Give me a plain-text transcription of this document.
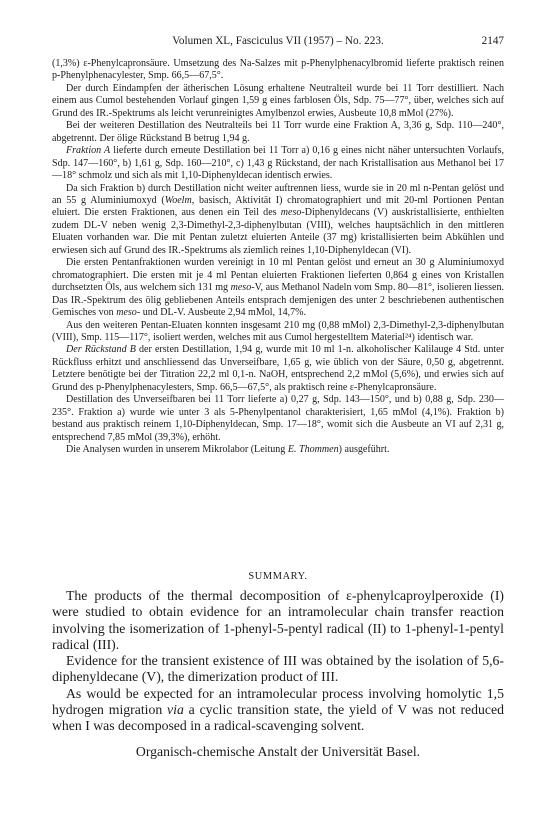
Volumen XL, Fasciculus VII (1957) – No. 223.	2147

(1,3%) ε-Phenylcapronsäure. Umsetzung des Na-Salzes mit p-Phenylphenacylbromid lieferte praktisch reinen p-Phenylphenacylester, Smp. 66,5—67,5°.

Der durch Eindampfen der ätherischen Lösung erhaltene Neutralteil wurde bei 11 Torr destilliert. Nach einem aus Cumol bestehenden Vorlauf gingen 1,59 g eines farblosen Öls, Sdp. 75—77°, über, welches sich auf Grund des IR.-Spektrums als leicht verunreinigtes Amylbenzol erwies, Ausbeute 10,8 mMol (27%).

Bei der weiteren Destillation des Neutralteils bei 11 Torr wurde eine Fraktion A, 3,36 g, Sdp. 110—240°, abgetrennt. Der ölige Rückstand B betrug 1,94 g.

Fraktion A lieferte durch erneute Destillation bei 11 Torr a) 0,16 g eines nicht näher untersuchten Vorlaufs, Sdp. 147—160°, b) 1,61 g, Sdp. 160—210°, c) 1,43 g Rückstand, der nach Kristallisation aus Methanol bei 17—18° schmolz und sich als mit 1,10-Diphenyldecan identisch erwies.

Da sich Fraktion b) durch Destillation nicht weiter auftrennen liess, wurde sie in 20 ml n-Pentan gelöst und an 55 g Aluminiumoxyd (Woelm, basisch, Aktivität I) chromatographiert und mit 20-ml Portionen Pentan eluiert. Die ersten Fraktionen, aus denen ein Teil des meso-Diphenyldecans (V) auskristallisierte, enthielten zudem DL-V neben wenig 2,3-Dimethyl-2,3-diphenylbutan (VIII), welches hauptsächlich in den mittleren Eluaten vorhanden war. Die mit Pentan zuletzt eluierten Anteile (37 mg) kristallisierten beim Abkühlen und erwiesen sich auf Grund des IR.-Spektrums als ziemlich reines 1,10-Diphenyldecan (VI).

Die ersten Pentanfraktionen wurden vereinigt in 10 ml Pentan gelöst und erneut an 30 g Aluminiumoxyd chromatographiert. Die ersten mit je 4 ml Pentan eluierten Fraktionen lieferten 0,864 g eines von Kristallen durchsetzten Öls, aus welchem sich 131 mg meso-V, aus Methanol Nadeln vom Smp. 80—81°, isolieren liessen. Das IR.-Spektrum des ölig gebliebenen Anteils entsprach demjenigen des unter 2 beschriebenen authentischen Gemisches von meso- und DL-V. Ausbeute 2,94 mMol, 14,7%.

Aus den weiteren Pentan-Eluaten konnten insgesamt 210 mg (0,88 mMol) 2,3-Dimethyl-2,3-diphenylbutan (VIII), Smp. 115—117°, isoliert werden, welches mit aus Cumol hergestelltem Material²⁴) identisch war.

Der Rückstand B der ersten Destillation, 1,94 g, wurde mit 10 ml 1-n. alkoholischer Kalilauge 4 Std. unter Rückfluss erhitzt und anschliessend das Unverseifbare, 1,65 g, wie üblich von der Säure, 0,50 g, abgetrennt. Letztere benötigte bei der Titration 22,2 ml 0,1-n. NaOH, entsprechend 2,2 mMol (5,6%), und erwies sich auf Grund des p-Phenylphenacylesters, Smp. 66,5—67,5°, als praktisch reine ε-Phenylcapronsäure.

Destillation des Unverseifbaren bei 11 Torr lieferte a) 0,27 g, Sdp. 143—150°, und b) 0,88 g, Sdp. 230—235°. Fraktion a) wurde wie unter 3 als 5-Phenylpentanol charakterisiert, 1,65 mMol (4,1%). Fraktion b) bestand aus praktisch reinem 1,10-Diphenyldecan, Smp. 17—18°, womit sich die Ausbeute an VI auf 2,31 g, entsprechend 7,85 mMol (39,3%), erhöht.

Die Analysen wurden in unserem Mikrolabor (Leitung E. Thommen) ausgeführt.

SUMMARY.

The products of the thermal decomposition of ε-phenylcaproylperoxide (I) were studied to obtain evidence for an intramolecular chain transfer reaction involving the isomerization of 1-phenyl-5-pentyl radical (II) to 1-phenyl-1-pentyl radical (III).

Evidence for the transient existence of III was obtained by the isolation of 5,6-diphenyldecane (V), the dimerization product of III.

As would be expected for an intramolecular process involving homolytic 1,5 hydrogen migration via a cyclic transition state, the yield of V was not reduced when I was decomposed in a radical-scavenging solvent.

Organisch-chemische Anstalt der Universität Basel.
